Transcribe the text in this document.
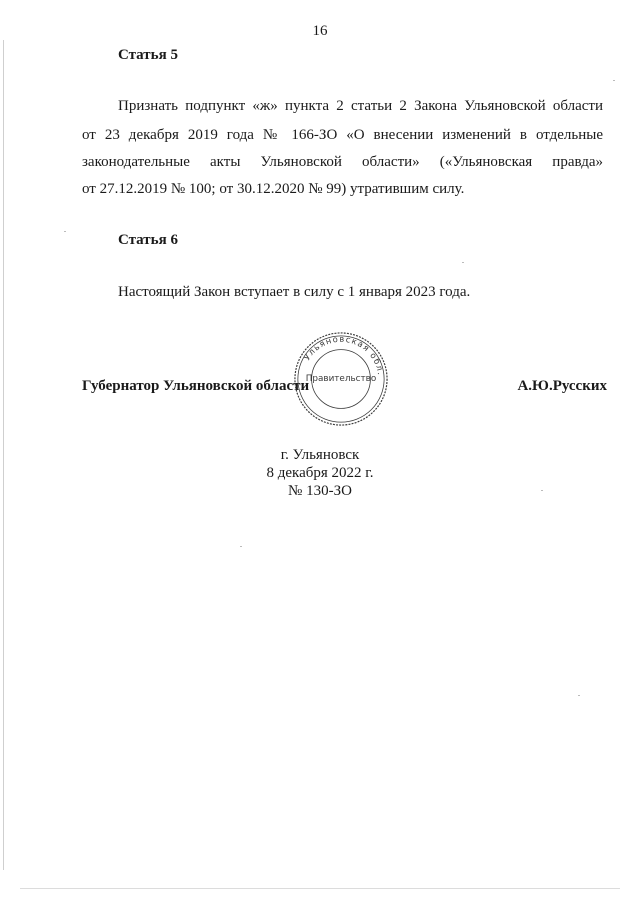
16
Статья 5
Признать подпункт «ж» пункта 2 статьи 2 Закона Ульяновской области
от 23 декабря 2019 года № 166-ЗО «О внесении изменений в отдельные
законодательные акты Ульяновской области» («Ульяновская правда»
от 27.12.2019 № 100; от 30.12.2020 № 99) утратившим силу.
Статья 6
Настоящий Закон вступает в силу с 1 января 2023 года.
Губернатор Ульяновской области	А.Ю.Русских
Ульяновская обл.
Правительство
г. Ульяновск
8 декабря 2022 г.
№ 130-ЗО
